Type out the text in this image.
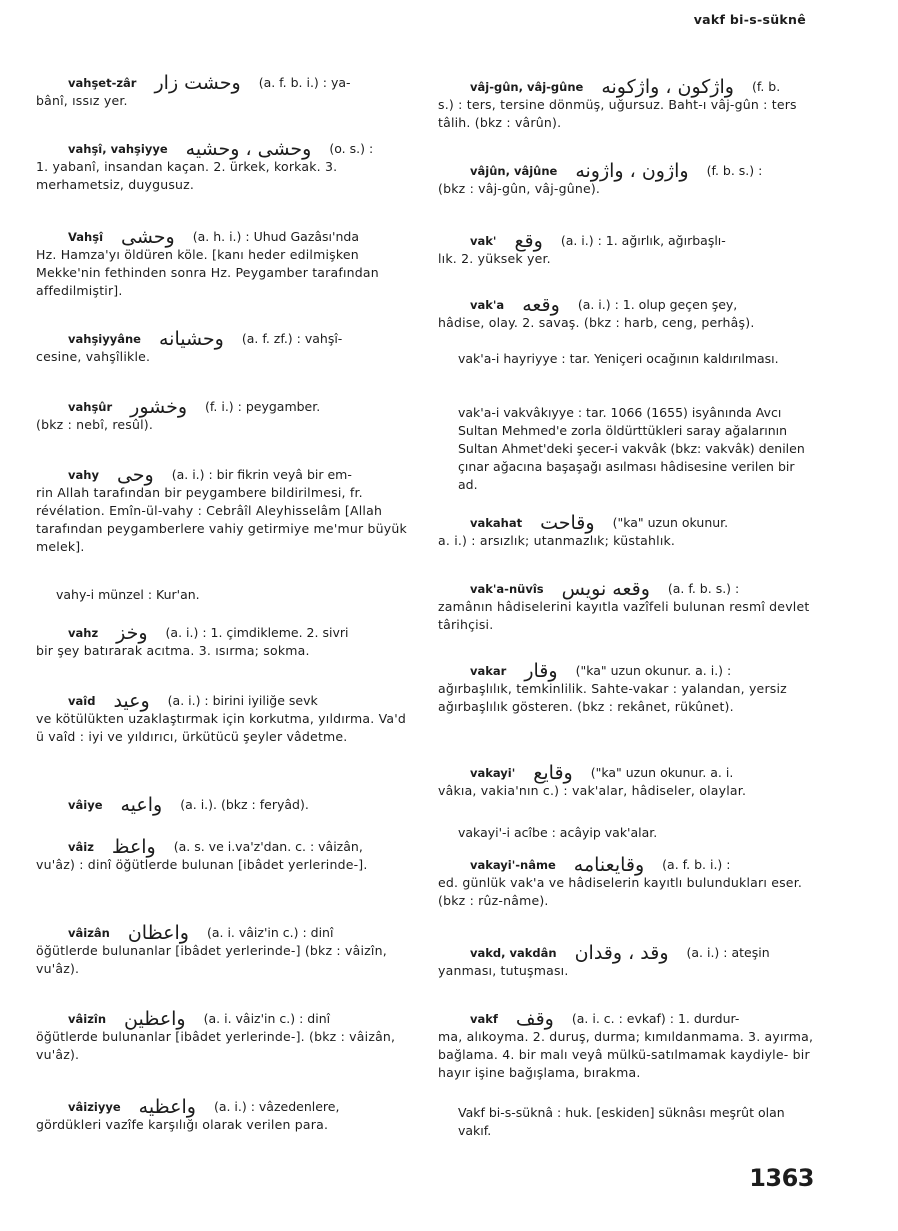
vakf bi-s-süknê
vahşet-zâr وحشت زار (a. f. b. i.) : ya-
bânî, ıssız yer.
vahşî, vahşiyye وحشى ، وحشيه (o. s.) :
1. yabanî, insandan kaçan. 2. ürkek, korkak. 3. merhametsiz, duygusuz.
Vahşî وحشى (a. h. i.) : Uhud Gazâsı'nda
Hz. Hamza'yı öldüren köle. [kanı heder edilmişken Mekke'nin fethinden sonra Hz. Peygamber tarafından affedilmiştir].
vahşiyyâne وحشيانه (a. f. zf.) : vahşî-
cesine, vahşîlikle.
vahşûr وخشور (f. i.) : peygamber.
(bkz : nebî, resûl).
vahy وحى (a. i.) : bir fikrin veyâ bir em-
rin Allah tarafından bir peygambere bildirilmesi, fr. révélation. Emîn-ül-vahy : Cebrâîl Aleyhisselâm [Allah tarafından peygamberlere vahiy getirmiye me'mur büyük melek].
vahy-i münzel : Kur'an.
vahz وخز (a. i.) : 1. çimdikleme. 2. sivri
bir şey batırarak acıtma. 3. ısırma; sokma.
vaîd وعيد (a. i.) : birini iyiliğe sevk
ve kötülükten uzaklaştırmak için korkutma, yıldırma. Va'd ü vaîd : iyi ve yıldırıcı, ürkütücü şeyler vâdetme.
vâiye واعيه (a. i.). (bkz : feryâd).
vâiz واعظ (a. s. ve i.va'z'dan. c. : vâizân,
vu'âz) : dinî öğütlerde bulunan [ibâdet yerlerinde-].
vâizân واعظان (a. i. vâiz'in c.) : dinî
öğütlerde bulunanlar [ibâdet yerlerinde-] (bkz : vâizîn, vu'âz).
vâizîn واعظين (a. i. vâiz'in c.) : dinî
öğütlerde bulunanlar [ibâdet yerlerinde-]. (bkz : vâizân, vu'âz).
vâiziyye واعظيه (a. i.) : vâzedenlere,
gördükleri vazîfe karşılığı olarak verilen para.
vâj-gûn, vâj-gûne واژكون ، واژكونه (f. b.
s.) : ters, tersine dönmüş, uğursuz. Baht-ı vâj-gûn : ters tâlih. (bkz : vârûn).
vâjûn, vâjûne واژون ، واژونه (f. b. s.) :
(bkz : vâj-gûn, vâj-gûne).
vak' وقع (a. i.) : 1. ağırlık, ağırbaşlı-
lık. 2. yüksek yer.
vak'a وقعه (a. i.) : 1. olup geçen şey,
hâdise, olay. 2. savaş. (bkz : harb, ceng, perhâş).
vak'a-i hayriyye : tar. Yeniçeri ocağının kaldırılması.
vak'a-i vakvâkıyye : tar. 1066 (1655) isyânında Avcı Sultan Mehmed'e zorla öldürttükleri saray ağalarının Sultan Ahmet'deki şecer-i vakvâk (bkz: vakvâk) denilen çınar ağacına başaşağı asılması hâdisesine verilen bir ad.
vakahat وقاحت ("ka" uzun okunur.
a. i.) : arsızlık; utanmazlık; küstahlık.
vak'a-nüvîs وقعه نويس (a. f. b. s.) :
zamânın hâdiselerini kayıtla vazîfeli bulunan resmî devlet târihçisi.
vakar وقار ("ka" uzun okunur. a. i.) :
ağırbaşlılık, temkinlilik. Sahte-vakar : yalandan, yersiz ağırbaşlılık gösteren. (bkz : rekânet, rükûnet).
vakayi' وقايع ("ka" uzun okunur. a. i.
vâkıa, vakia'nın c.) : vak'alar, hâdiseler, olaylar.
vakayi'-i acîbe : acâyip vak'alar.
vakayi'-nâme وقايعنامه (a. f. b. i.) :
ed. günlük vak'a ve hâdiselerin kayıtlı bulundukları eser. (bkz : rûz-nâme).
vakd, vakdân وقد ، وقدان (a. i.) : ateşin
yanması, tutuşması.
vakf وقف (a. i. c. : evkaf) : 1. durdur-
ma, alıkoyma. 2. duruş, durma; kımıldanmama. 3. ayırma, bağlama. 4. bir malı veyâ mülkü-satılmamak kaydiyle- bir hayır işine bağışlama, bırakma.
Vakf bi-s-süknâ : huk. [eskiden] süknâsı meşrût olan vakıf.
1363
